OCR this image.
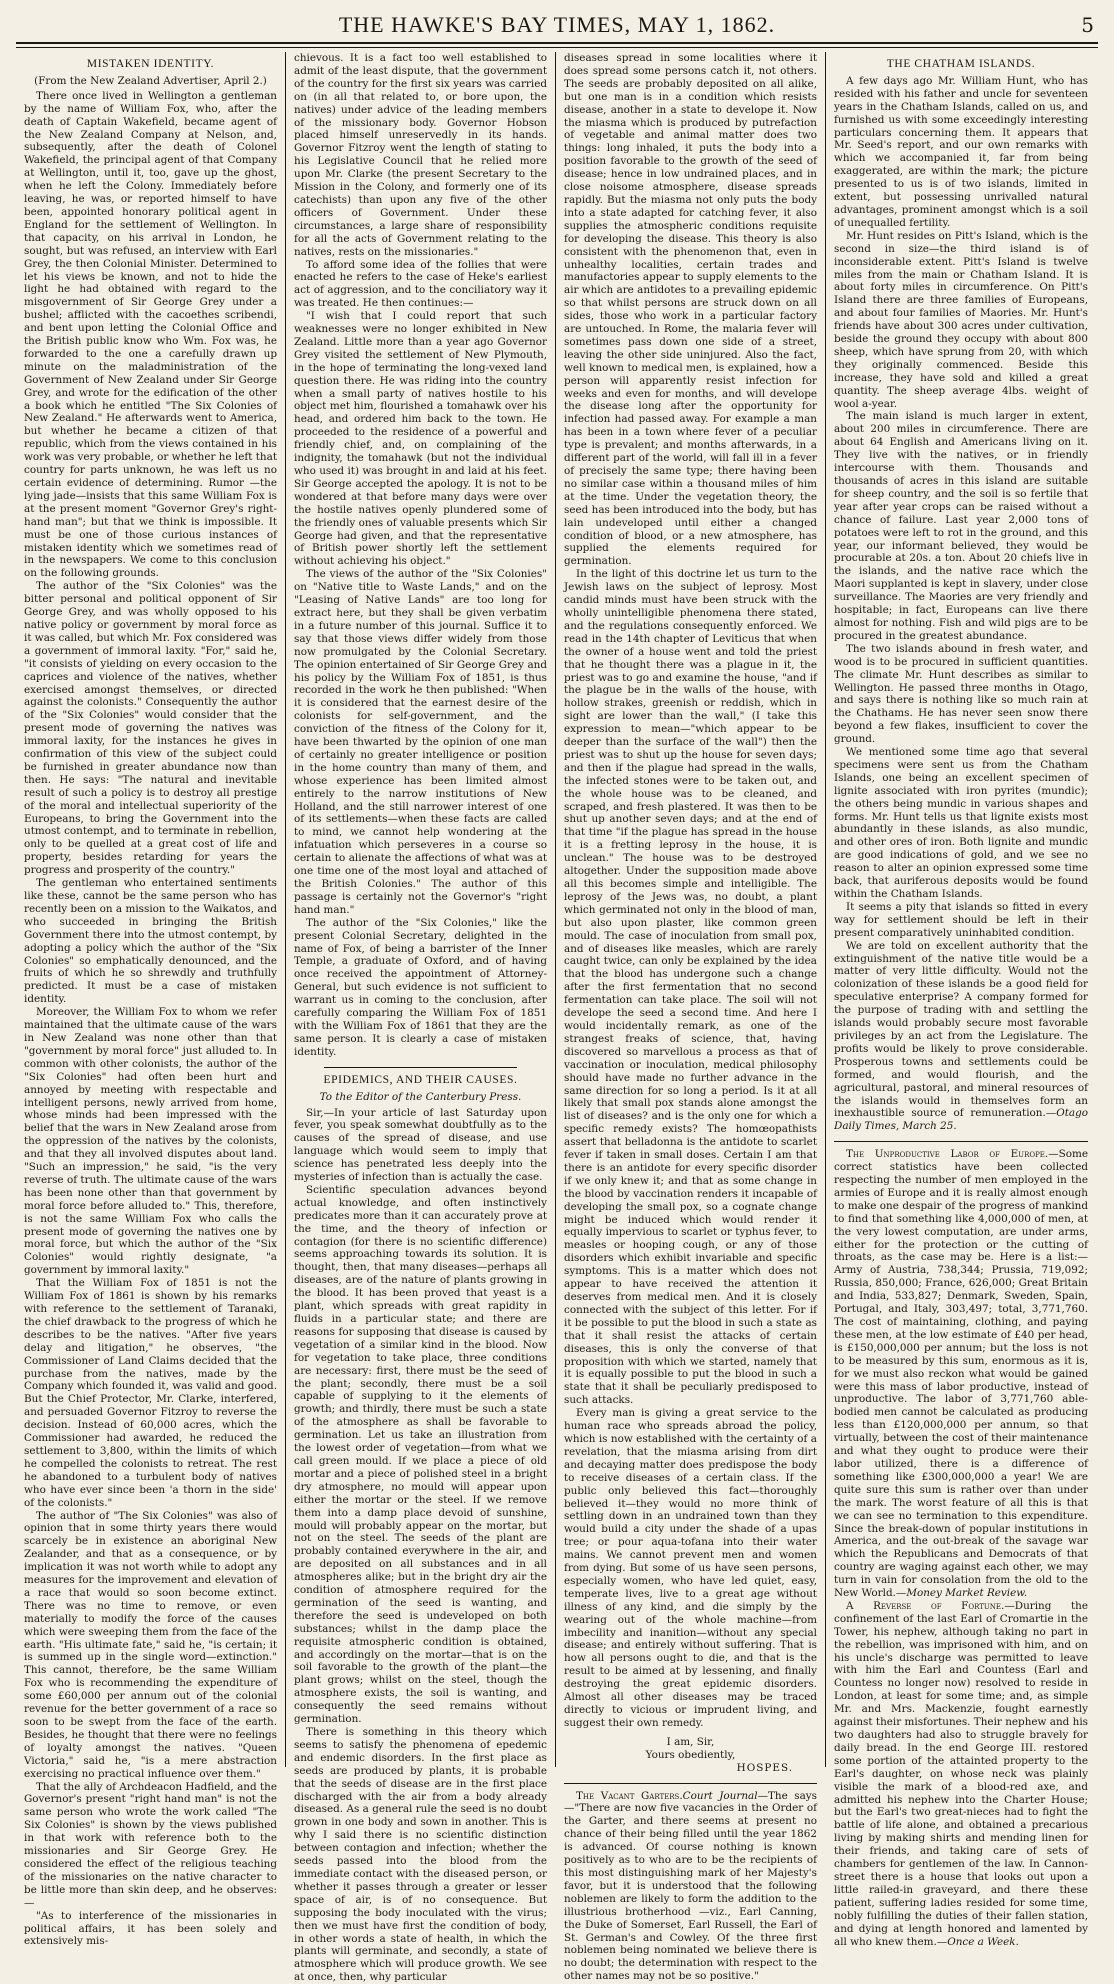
THE HAWKE'S BAY TIMES, MAY 1, 1862.	5
MISTAKEN IDENTITY.
(From the New Zealand Advertiser, April 2.)

There once lived in Wellington a gentleman by the name of William Fox, who, after the death of Captain Wakefield, became agent of the New Zealand Company at Nelson, and, subsequently, after the death of Colonel Wakefield, the principal agent of that Company at Wellington, until it, too, gave up the ghost, when he left the Colony. Immediately before leaving, he was, or reported himself to have been, appointed honorary political agent in England for the settlement of Wellington. In that capacity, on his arrival in London, he sought, but was refused, an interview with Earl Grey, the then Colonial Minister. Determined to let his views be known, and not to hide the light he had obtained with regard to the misgovernment of Sir George Grey under a bushel; afflicted with the cacoethes scribendi, and bent upon letting the Colonial Office and the British public know who Wm. Fox was, he forwarded to the one a carefully drawn up minute on the maladministration of the Government of New Zealand under Sir George Grey, and wrote for the edification of the other a book which he entitled "The Six Colonies of New Zealand." He afterwards went to America, but whether he became a citizen of that republic, which from the views contained in his work was very probable, or whether he left that country for parts unknown, he was left us no certain evidence of determining. Rumor —the lying jade—insists that this same William Fox is at the present moment "Governor Grey's right-hand man"; but that we think is impossible. It must be one of those curious instances of mistaken identity which we sometimes read of in the newspapers. We come to this conclusion on the following grounds.

The author of the "Six Colonies" was the bitter personal and political opponent of Sir George Grey, and was wholly opposed to his native policy or government by moral force as it was called, but which Mr. Fox considered was a government of immoral laxity. "For," said he, "it consists of yielding on every occasion to the caprices and violence of the natives, whether exercised amongst themselves, or directed against the colonists." Consequently the author of the "Six Colonies" would consider that the present mode of governing the natives was immoral laxity, for the instances he gives in confirmation of this view of the subject could be furnished in greater abundance now than then. He says: "The natural and inevitable result of such a policy is to destroy all prestige of the moral and intellectual superiority of the Europeans, to bring the Government into the utmost contempt, and to terminate in rebellion, only to be quelled at a great cost of life and property, besides retarding for years the progress and prosperity of the country."

The gentleman who entertained sentiments like these, cannot be the same person who has recently been on a mission to the Waikatos, and who succeeded in bringing the British Government there into the utmost contempt, by adopting a policy which the author of the "Six Colonies" so emphatically denounced, and the fruits of which he so shrewdly and truthfully predicted. It must be a case of mistaken identity.

Moreover, the William Fox to whom we refer maintained that the ultimate cause of the wars in New Zealand was none other than that "government by moral force" just alluded to. In common with other colonists, the author of the "Six Colonies" had often been hurt and annoyed by meeting with respectable and intelligent persons, newly arrived from home, whose minds had been impressed with the belief that the wars in New Zealand arose from the oppression of the natives by the colonists, and that they all involved disputes about land. "Such an impression," he said, "is the very reverse of truth. The ultimate cause of the wars has been none other than that government by moral force before alluded to." This, therefore, is not the same William Fox who calls the present mode of governing the natives one by moral force, but which the author of the "Six Colonies" would rightly designate, "a government by immoral laxity."

That the William Fox of 1851 is not the William Fox of 1861 is shown by his remarks with reference to the settlement of Taranaki, the chief drawback to the progress of which he describes to be the natives. "After five years delay and litigation," he observes, "the Commissioner of Land Claims decided that the purchase from the natives, made by the Company which founded it, was valid and good. But the Chief Protector, Mr. Clarke, interfered, and persuaded Governor Fitzroy to reverse the decision. Instead of 60,000 acres, which the Commissioner had awarded, he reduced the settlement to 3,800, within the limits of which he compelled the colonists to retreat. The rest he abandoned to a turbulent body of natives who have ever since been 'a thorn in the side' of the colonists."

The author of "The Six Colonies" was also of opinion that in some thirty years there would scarcely be in existence an aboriginal New Zealander, and that as a consequence, or by implication it was not worth while to adopt any measures for the improvement and elevation of a race that would so soon become extinct. There was no time to remove, or even materially to modify the force of the causes which were sweeping them from the face of the earth. "His ultimate fate," said he, "is certain; it is summed up in the single word—extinction." This cannot, therefore, be the same William Fox who is recommending the expenditure of some £60,000 per annum out of the colonial revenue for the better government of a race so soon to be swept from the face of the earth. Besides, he thought that there were no feelings of loyalty amongst the natives. "Queen Victoria," said he, "is a mere abstraction exercising no practical influence over them."

That the ally of Archdeacon Hadfield, and the Governor's present "right hand man" is not the same person who wrote the work called "The Six Colonies" is shown by the views published in that work with reference both to the missionaries and Sir George Grey. He considered the effect of the religious teaching of the missionaries on the native character to be little more than skin deep, and he observes:—

"As to interference of the missionaries in political affairs, it has been solely and extensively mis-

chievous. It is a fact too well established to admit of the least dispute, that the government of the country for the first six years was carried on (in all that related to, or bore upon, the natives) under advice of the leading members of the missionary body. Governor Hobson placed himself unreservedly in its hands. Governor Fitzroy went the length of stating to his Legislative Council that he relied more upon Mr. Clarke (the present Secretary to the Mission in the Colony, and formerly one of its catechists) than upon any five of the other officers of Government. Under these circumstances, a large share of responsibility for all the acts of Government relating to the natives, rests on the missionaries."

To afford some idea of the follies that were enacted he refers to the case of Heke's earliest act of aggression, and to the conciliatory way it was treated. He then continues:—

"I wish that I could report that such weaknesses were no longer exhibited in New Zealand. Little more than a year ago Governor Grey visited the settlement of New Plymouth, in the hope of terminating the long-vexed land question there. He was riding into the country when a small party of natives hostile to his object met him, flourished a tomahawk over his head, and ordered him back to the town. He proceeded to the residence of a powerful and friendly chief, and, on complaining of the indignity, the tomahawk (but not the individual who used it) was brought in and laid at his feet. Sir George accepted the apology. It is not to be wondered at that before many days were over the hostile natives openly plundered some of the friendly ones of valuable presents which Sir George had given, and that the representative of British power shortly left the settlement without achieving his object."

The views of the author of the "Six Colonies" on "Native title to Waste Lands," and on the "Leasing of Native Lands" are too long for extract here, but they shall be given verbatim in a future number of this journal. Suffice it to say that those views differ widely from those now promulgated by the Colonial Secretary. The opinion entertained of Sir George Grey and his policy by the William Fox of 1851, is thus recorded in the work he then published: "When it is considered that the earnest desire of the colonists for self-government, and the conviction of the fitness of the Colony for it, have been thwarted by the opinion of one man of certainly no greater intelligence or position in the home country than many of them, and whose experience has been limited almost entirely to the narrow institutions of New Holland, and the still narrower interest of one of its settlements—when these facts are called to mind, we cannot help wondering at the infatuation which perseveres in a course so certain to alienate the affections of what was at one time one of the most loyal and attached of the British Colonies." The author of this passage is certainly not the Governor's "right hand man."

The author of the "Six Colonies," like the present Colonial Secretary, delighted in the name of Fox, of being a barrister of the Inner Temple, a graduate of Oxford, and of having once received the appointment of Attorney-General, but such evidence is not sufficient to warrant us in coming to the conclusion, after carefully comparing the William Fox of 1851 with the William Fox of 1861 that they are the same person. It is clearly a case of mistaken identity.

EPIDEMICS, AND THEIR CAUSES.
To the Editor of the Canterbury Press.

Sir,—In your article of last Saturday upon fever, you speak somewhat doubtfully as to the causes of the spread of disease, and use language which would seem to imply that science has penetrated less deeply into the mysteries of infection than is actually the case.

Scientific speculation advances beyond actual knowledge, and often instinctively predicates more than it can accurately prove at the time, and the theory of infection or contagion (for there is no scientific difference) seems approaching towards its solution. It is thought, then, that many diseases—perhaps all diseases, are of the nature of plants growing in the blood. It has been proved that yeast is a plant, which spreads with great rapidity in fluids in a particular state; and there are reasons for supposing that disease is caused by vegetation of a similar kind in the blood. Now for vegetation to take place, three conditions are necessary: first, there must be the seed of the plant; secondly, there must be a soil capable of supplying to it the elements of growth; and thirdly, there must be such a state of the atmosphere as shall be favorable to germination. Let us take an illustration from the lowest order of vegetation—from what we call green mould. If we place a piece of old mortar and a piece of polished steel in a bright dry atmosphere, no mould will appear upon either the mortar or the steel. If we remove them into a damp place devoid of sunshine, mould will probably appear on the mortar, but not on the steel. The seeds of the plant are probably contained everywhere in the air, and are deposited on all substances and in all atmospheres alike; but in the bright dry air the condition of atmosphere required for the germination of the seed is wanting, and therefore the seed is undeveloped on both substances; whilst in the damp place the requisite atmospheric condition is obtained, and accordingly on the mortar—that is on the soil favorable to the growth of the plant—the plant grows; whilst on the steel, though the atmosphere exists, the soil is wanting, and consequently the seed remains without germination.

There is something in this theory which seems to satisfy the phenomena of epedemic and endemic disorders. In the first place as seeds are produced by plants, it is probable that the seeds of disease are in the first place discharged with the air from a body already diseased. As a general rule the seed is no doubt grown in one body and sown in another. This is why I said there is no scientific distinction between contagion and infection; whether the seeds passed into the blood from the immediate contact with the diseased person, or whether it passes through a greater or lesser space of air, is of no consequence. But supposing the body inoculated with the virus; then we must have first the condition of body, in other words a state of health, in which the plants will germinate, and secondly, a state of atmosphere which will produce growth. We see at once, then, why particular

diseases spread in some localities where it does spread some persons catch it, not others. The seeds are probably deposited on all alike, but one man is in a condition which resists disease, another in a state to develope it. Now the miasma which is produced by putrefaction of vegetable and animal matter does two things: long inhaled, it puts the body into a position favorable to the growth of the seed of disease; hence in low undrained places, and in close noisome atmosphere, disease spreads rapidly. But the miasma not only puts the body into a state adapted for catching fever, it also supplies the atmospheric conditions requisite for developing the disease. This theory is also consistent with the phenomenon that, even in unhealthy localities, certain trades and manufactories appear to supply elements to the air which are antidotes to a prevailing epidemic so that whilst persons are struck down on all sides, those who work in a particular factory are untouched. In Rome, the malaria fever will sometimes pass down one side of a street, leaving the other side uninjured. Also the fact, well known to medical men, is explained, how a person will apparently resist infection for weeks and even for months, and will develope the disease long after the opportunity for infection had passed away. For example a man has been in a town where fever of a peculiar type is prevalent; and months afterwards, in a different part of the world, will fall ill in a fever of precisely the same type; there having been no similar case within a thousand miles of him at the time. Under the vegetation theory, the seed has been introduced into the body, but has lain undeveloped until either a changed condition of blood, or a new atmosphere, has supplied the elements required for germination.

In the light of this doctrine let us turn to the Jewish laws on the subject of leprosy. Most candid minds must have been struck with the wholly unintelligible phenomena there stated, and the regulations consequently enforced. We read in the 14th chapter of Leviticus that when the owner of a house went and told the priest that he thought there was a plague in it, the priest was to go and examine the house, "and if the plague be in the walls of the house, with hollow strakes, greenish or reddish, which in sight are lower than the wall," (I take this expression to mean—"which appear to be deeper than the surface of the wall") then the priest was to shut up the house for seven days; and then if the plague had spread in the walls, the infected stones were to be taken out, and the whole house was to be cleaned, and scraped, and fresh plastered. It was then to be shut up another seven days; and at the end of that time "if the plague has spread in the house it is a fretting leprosy in the house, it is unclean." The house was to be destroyed altogether. Under the supposition made above all this becomes simple and intelligible. The leprosy of the Jews was, no doubt, a plant which germinated not only in the blood of man, but also upon plaster, like common green mould. The case of inoculation from small pox, and of diseases like measles, which are rarely caught twice, can only be explained by the idea that the blood has undergone such a change after the first fermentation that no second fermentation can take place. The soil will not develope the seed a second time. And here I would incidentally remark, as one of the strangest freaks of science, that, having discovered so marvellous a process as that of vaccination or inoculation, medical philosophy should have made no further advance in the same direction for so long a period. Is it at all likely that small pox stands alone amongst the list of diseases? and is the only one for which a specific remedy exists? The homœopathists assert that belladonna is the antidote to scarlet fever if taken in small doses. Certain I am that there is an antidote for every specific disorder if we only knew it; and that as some change in the blood by vaccination renders it incapable of developing the small pox, so a cognate change might be induced which would render it equally impervious to scarlet or typhus fever, to measles or hooping cough, or any of those disorders which exhibit invariable and specific symptoms. This is a matter which does not appear to have received the attention it deserves from medical men. And it is closely connected with the subject of this letter. For if it be possible to put the blood in such a state as that it shall resist the attacks of certain diseases, this is only the converse of that proposition with which we started, namely that it is equally possible to put the blood in such a state that it shall be peculiarly predisposed to such attacks.

Every man is giving a great service to the human race who spreads abroad the policy, which is now established with the certainty of a revelation, that the miasma arising from dirt and decaying matter does predispose the body to receive diseases of a certain class. If the public only believed this fact—thoroughly believed it—they would no more think of settling down in an undrained town than they would build a city under the shade of a upas tree; or pour aqua-tofana into their water mains. We cannot prevent men and women from dying. But some of us have seen persons, especially women, who have led quiet, easy, temperate lives, live to a great age without illness of any kind, and die simply by the wearing out of the whole machine—from imbecility and inanition—without any special disease; and entirely without suffering. That is how all persons ought to die, and that is the result to be aimed at by lessening, and finally destroying the great epidemic disorders. Almost all other diseases may be traced directly to vicious or imprudent living, and suggest their own remedy.

I am, Sir,
Yours obediently,
HOSPES.

The Vacant Garters.Court Journal—The says—"There are now five vacancies in the Order of the Garter, and there seems at present no chance of their being filled until the year 1862 is advanced. Of course nothing is known positively as to who are to be the recipients of this most distinguishing mark of her Majesty's favor, but it is understood that the following noblemen are likely to form the addition to the illustrious brotherhood —viz., Earl Canning, the Duke of Somerset, Earl Russell, the Earl of St. German's and Cowley. Of the three first noblemen being nominated we believe there is no doubt; the determination with respect to the other names may not be so positive."

THE CHATHAM ISLANDS.

A few days ago Mr. William Hunt, who has resided with his father and uncle for seventeen years in the Chatham Islands, called on us, and furnished us with some exceedingly interesting particulars concerning them. It appears that Mr. Seed's report, and our own remarks with which we accompanied it, far from being exaggerated, are within the mark; the picture presented to us is of two islands, limited in extent, but possessing unrivalled natural advantages, prominent amongst which is a soil of unequalled fertility.

Mr. Hunt resides on Pitt's Island, which is the second in size—the third island is of inconsiderable extent. Pitt's Island is twelve miles from the main or Chatham Island. It is about forty miles in circumference. On Pitt's Island there are three families of Europeans, and about four families of Maories. Mr. Hunt's friends have about 300 acres under cultivation, beside the ground they occupy with about 800 sheep, which have sprung from 20, with which they originally commenced. Beside this increase, they have sold and killed a great quantity. The sheep average 4lbs. weight of wool a-year.

The main island is much larger in extent, about 200 miles in circumference. There are about 64 English and Americans living on it. They live with the natives, or in friendly intercourse with them. Thousands and thousands of acres in this island are suitable for sheep country, and the soil is so fertile that year after year crops can be raised without a chance of failure. Last year 2,000 tons of potatoes were left to rot in the ground, and this year, our informant believed, they would be procurable at 20s. a ton. About 20 chiefs live in the islands, and the native race which the Maori supplanted is kept in slavery, under close surveillance. The Maories are very friendly and hospitable; in fact, Europeans can live there almost for nothing. Fish and wild pigs are to be procured in the greatest abundance.

The two islands abound in fresh water, and wood is to be procured in sufficient quantities. The climate Mr. Hunt describes as similar to Wellington. He passed three months in Otago, and says there is nothing like so much rain at the Chathams. He has never seen snow there beyond a few flakes, insufficient to cover the ground.

We mentioned some time ago that several specimens were sent us from the Chatham Islands, one being an excellent specimen of lignite associated with iron pyrites (mundic); the others being mundic in various shapes and forms. Mr. Hunt tells us that lignite exists most abundantly in these islands, as also mundic, and other ores of iron. Both lignite and mundic are good indications of gold, and we see no reason to alter an opinion expressed some time back, that auriferous deposits would be found within the Chatham Islands.

It seems a pity that islands so fitted in every way for settlement should be left in their present comparatively uninhabited condition.

We are told on excellent authority that the extinguishment of the native title would be a matter of very little difficulty. Would not the colonization of these islands be a good field for speculative enterprise? A company formed for the purpose of trading with and settling the islands would probably secure most favorable privileges by an act from the Legislature. The profits would be likely to prove considerable. Prosperous towns and settlements could be formed, and would flourish, and the agricultural, pastoral, and mineral resources of the islands would in themselves form an inexhaustible source of remuneration.—Otago Daily Times, March 25.

The Unproductive Labor of Europe.—Some correct statistics have been collected respecting the number of men employed in the armies of Europe and it is really almost enough to make one despair of the progress of mankind to find that something like 4,000,000 of men, at the very lowest computation, are under arms, either for the protection or the cutting of throats, as the case may be. Here is a list:—Army of Austria, 738,344; Prussia, 719,092; Russia, 850,000; France, 626,000; Great Britain and India, 533,827; Denmark, Sweden, Spain, Portugal, and Italy, 303,497; total, 3,771,760. The cost of maintaining, clothing, and paying these men, at the low estimate of £40 per head, is £150,000,000 per annum; but the loss is not to be measured by this sum, enormous as it is, for we must also reckon what would be gained were this mass of labor productive, instead of unproductive. The labor of 3,771,760 able-bodied men cannot be calculated as producing less than £120,000,000 per annum, so that virtually, between the cost of their maintenance and what they ought to produce were their labor utilized, there is a difference of something like £300,000,000 a year! We are quite sure this sum is rather over than under the mark. The worst feature of all this is that we can see no termination to this expenditure. Since the break-down of popular institutions in America, and the out-break of the savage war which the Republicans and Democrats of that country are waging against each other, we may turn in vain for consolation from the old to the New World.—Money Market Review.

A Reverse of Fortune.—During the confinement of the last Earl of Cromartie in the Tower, his nephew, although taking no part in the rebellion, was imprisoned with him, and on his uncle's discharge was permitted to leave with him the Earl and Countess (Earl and Countess no longer now) resolved to reside in London, at least for some time; and, as simple Mr. and Mrs. Mackenzie, fought earnestly against their misfortunes. Their nephew and his two daughters had also to struggle bravely for daily bread. In the end George III. restored some portion of the attainted property to the Earl's daughter, on whose neck was plainly visible the mark of a blood-red axe, and admitted his nephew into the Charter House; but the Earl's two great-nieces had to fight the battle of life alone, and obtained a precarious living by making shirts and mending linen for their friends, and taking care of sets of chambers for gentlemen of the law. In Cannon-street there is a house that looks out upon a little railed-in graveyard, and there these patient, suffering ladies resided for some time, nobly fulfilling the duties of their fallen station, and dying at length honored and lamented by all who knew them.—Once a Week.
